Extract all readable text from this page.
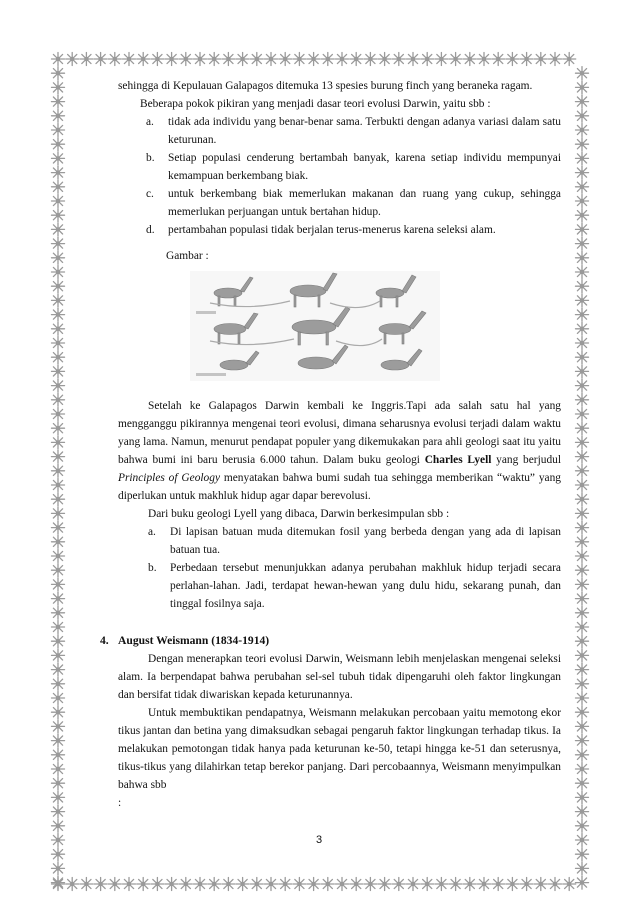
sehingga di Kepulauan Galapagos ditemuka 13 spesies burung finch yang beraneka ragam.

Beberapa pokok pikiran yang menjadi dasar teori evolusi Darwin, yaitu sbb :

a.	tidak ada individu yang benar-benar sama. Terbukti dengan adanya variasi dalam satu keturunan.
b.	Setiap populasi cenderung bertambah banyak, karena setiap individu mempunyai kemampuan berkembang biak.
c.	untuk berkembang biak memerlukan makanan dan ruang yang cukup, sehingga memerlukan perjuangan untuk bertahan hidup.
d.	pertambahan populasi tidak berjalan terus-menerus karena seleksi alam.

Gambar :

Setelah ke Galapagos Darwin kembali ke Inggris.Tapi ada salah satu hal yang mengganggu pikirannya mengenai teori evolusi, dimana seharusnya evolusi terjadi dalam waktu yang lama. Namun, menurut pendapat populer yang dikemukakan para ahli geologi saat itu yaitu bahwa bumi ini baru berusia 6.000 tahun. Dalam buku geologi Charles Lyell yang berjudul Principles of Geology menyatakan bahwa bumi sudah tua sehingga memberikan “waktu” yang diperlukan untuk makhluk hidup agar dapar berevolusi.

Dari buku geologi Lyell yang dibaca, Darwin berkesimpulan sbb :

a.	Di lapisan batuan muda ditemukan fosil yang berbeda dengan yang ada di lapisan batuan tua.
b.	Perbedaan tersebut menunjukkan adanya perubahan makhluk hidup terjadi secara perlahan-lahan. Jadi, terdapat hewan-hewan yang dulu hidu, sekarang punah, dan tinggal fosilnya saja.
4. August Weismann (1834-1914)

Dengan menerapkan teori evolusi Darwin, Weismann lebih menjelaskan mengenai seleksi alam. Ia berpendapat bahwa perubahan sel-sel tubuh tidak dipengaruhi oleh faktor lingkungan dan bersifat tidak diwariskan kepada keturunannya.

Untuk membuktikan pendapatnya, Weismann melakukan percobaan yaitu memotong ekor tikus jantan dan betina yang dimaksudkan sebagai pengaruh faktor lingkungan terhadap tikus. Ia melakukan pemotongan tidak hanya pada keturunan ke-50, tetapi hingga ke-51 dan seterusnya, tikus-tikus yang dilahirkan tetap berekor panjang. Dari percobaannya, Weismann menyimpulkan bahwa sbb

:

3
